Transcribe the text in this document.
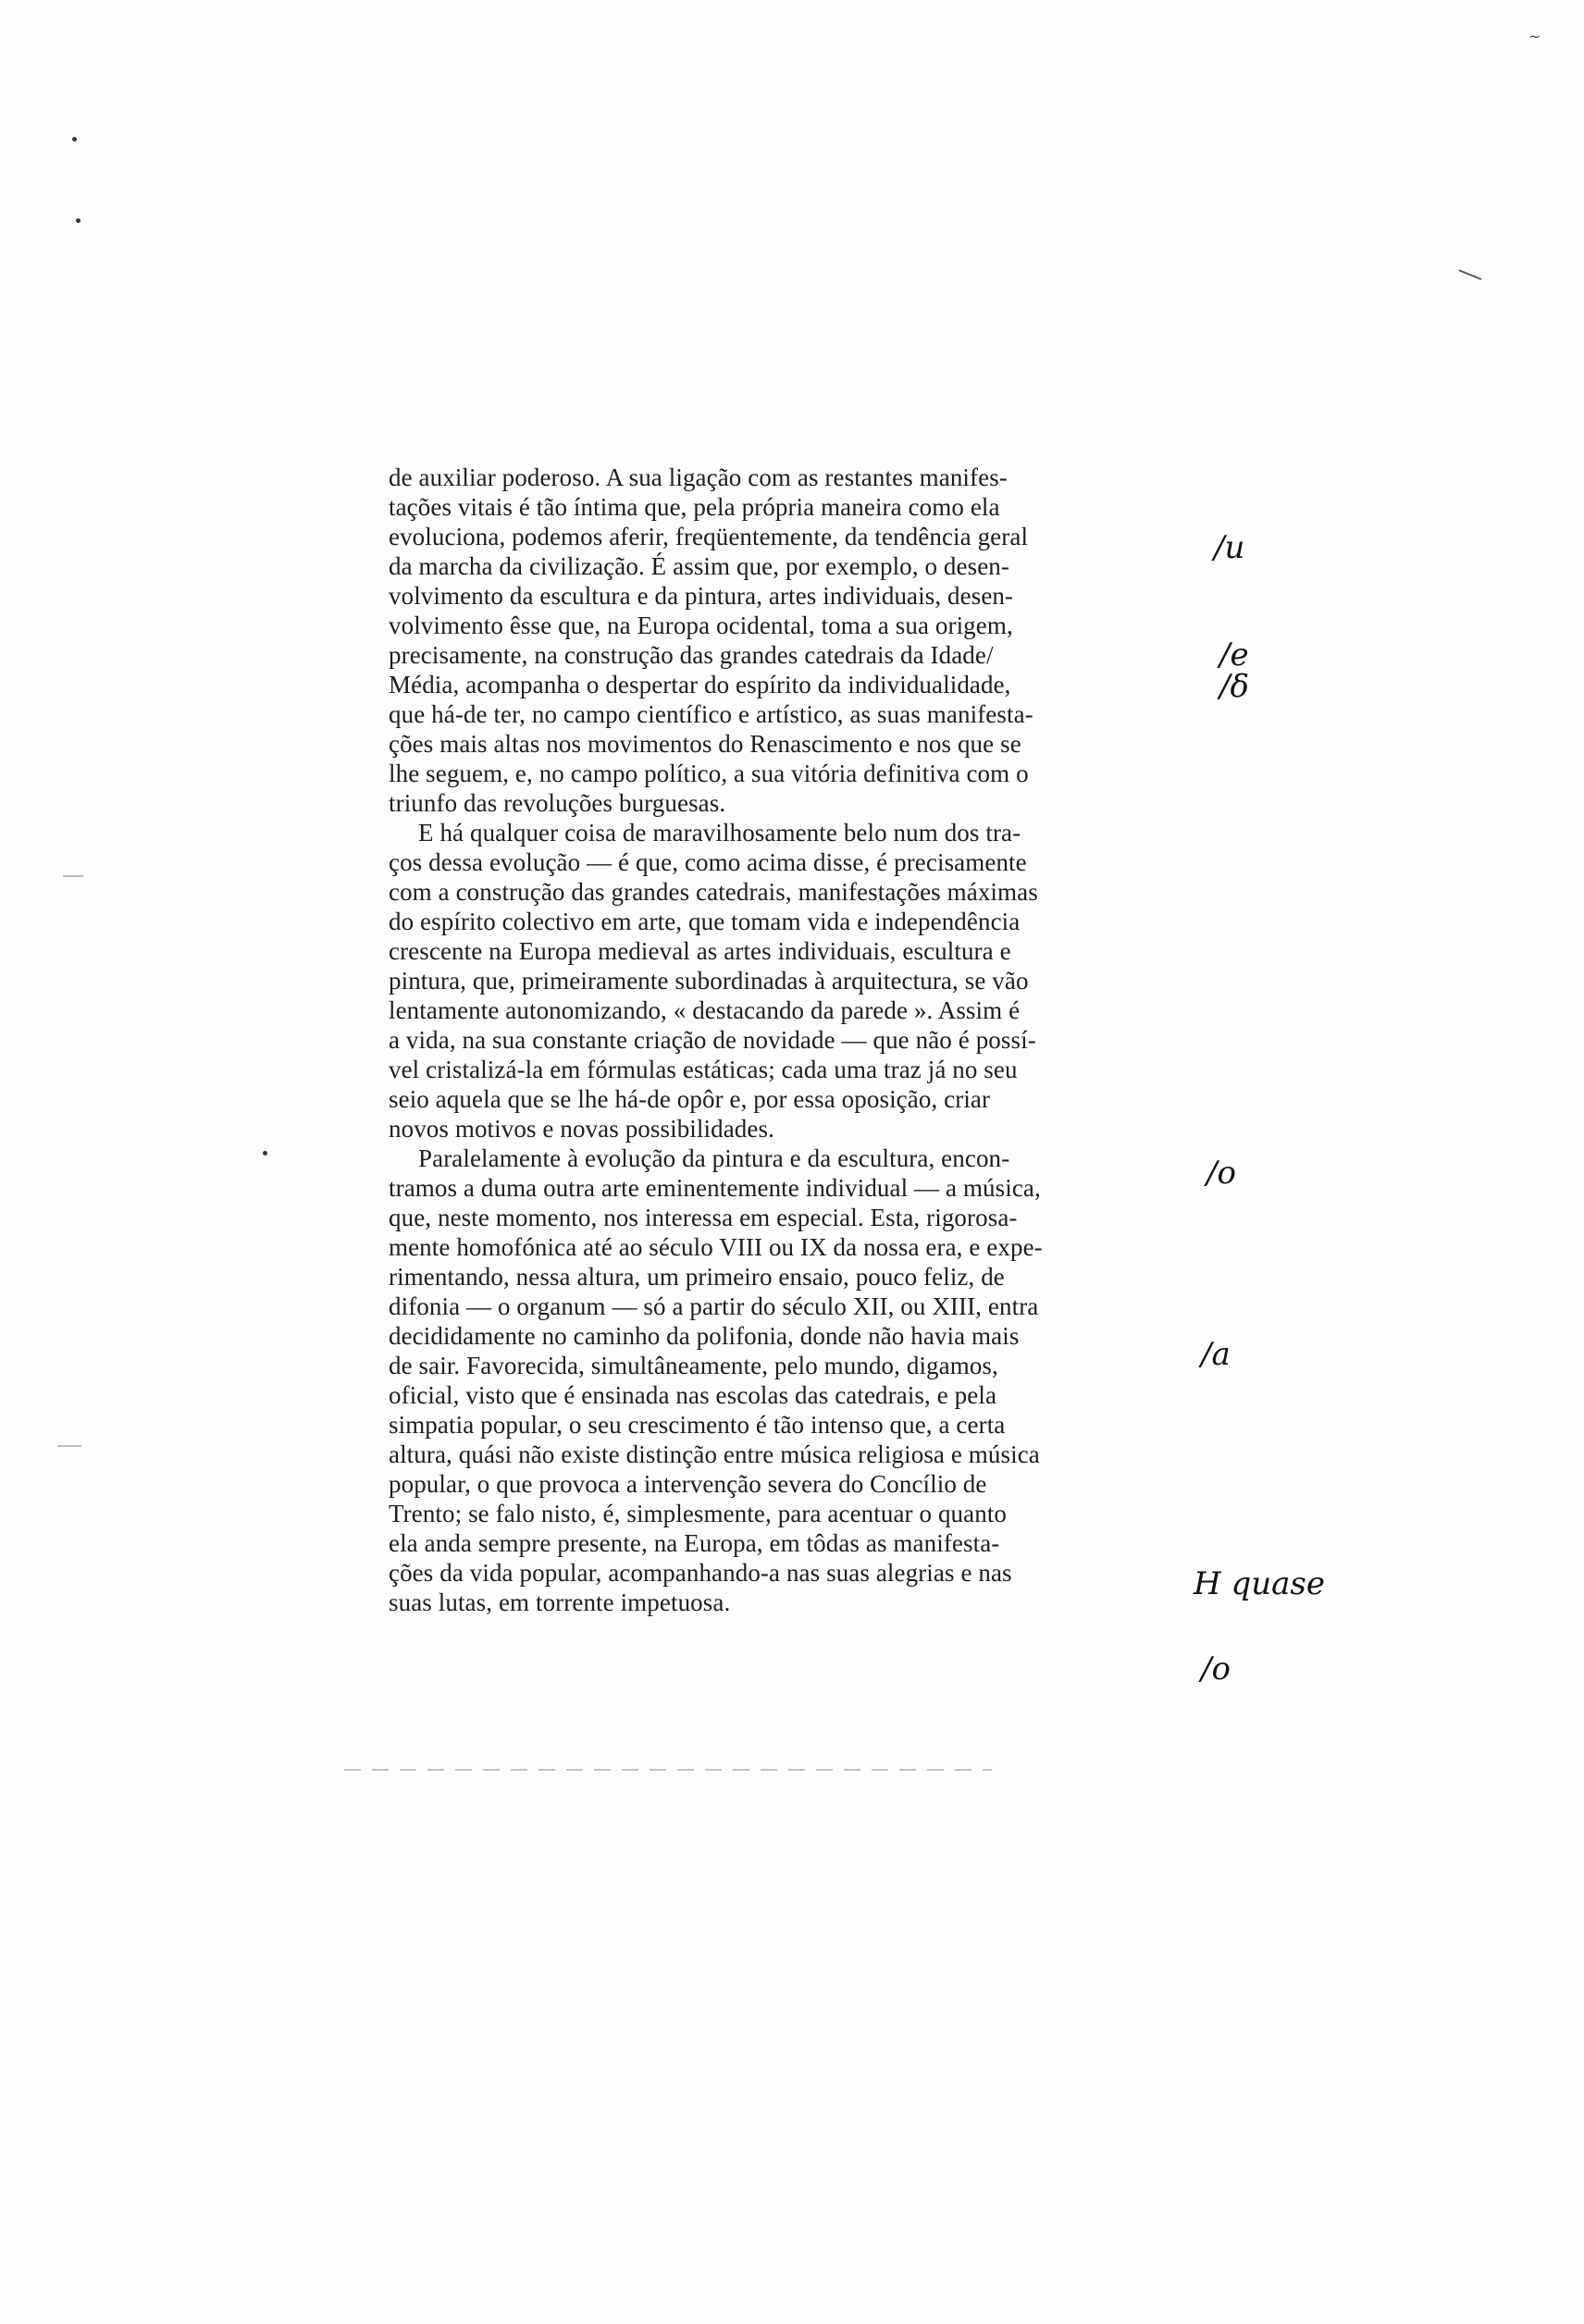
~
de auxiliar poderoso. A sua ligação com as restantes manifes-
tações vitais é tão íntima que, pela própria maneira como ela
evoluciona, podemos aferir, freqüentemente, da tendência geral
da marcha da civilização. É assim que, por exemplo, o desen-
volvimento da escultura e da pintura, artes individuais, desen-
volvimento êsse que, na Europa ocidental, toma a sua origem,
precisamente, na construção das grandes catedrais da Idade/
Média, acompanha o despertar do espírito da individualidade,
que há-de ter, no campo científico e artístico, as suas manifesta-
ções mais altas nos movimentos do Renascimento e nos que se
lhe seguem, e, no campo político, a sua vitória definitiva com o
triunfo das revoluções burguesas.
E há qualquer coisa de maravilhosamente belo num dos tra-
ços dessa evolução — é que, como acima disse, é precisamente
com a construção das grandes catedrais, manifestações máximas
do espírito colectivo em arte, que tomam vida e independência
crescente na Europa medieval as artes individuais, escultura e
pintura, que, primeiramente subordinadas à arquitectura, se vão
lentamente autonomizando, « destacando da parede ». Assim é
a vida, na sua constante criação de novidade — que não é possí-
vel cristalizá-la em fórmulas estáticas; cada uma traz já no seu
seio aquela que se lhe há-de opôr e, por essa oposição, criar
novos motivos e novas possibilidades.
Paralelamente à evolução da pintura e da escultura, encon-
tramos a duma outra arte eminentemente individual — a música,
que, neste momento, nos interessa em especial. Esta, rigorosa-
mente homofónica até ao século VIII ou IX da nossa era, e expe-
rimentando, nessa altura, um primeiro ensaio, pouco feliz, de
difonia — o organum — só a partir do século XII, ou XIII, entra
decididamente no caminho da polifonia, donde não havia mais
de sair. Favorecida, simultâneamente, pelo mundo, digamos,
oficial, visto que é ensinada nas escolas das catedrais, e pela
simpatia popular, o seu crescimento é tão intenso que, a certa
altura, quási não existe distinção entre música religiosa e música
popular, o que provoca a intervenção severa do Concílio de
Trento; se falo nisto, é, simplesmente, para acentuar o quanto
ela anda sempre presente, na Europa, em tôdas as manifesta-
ções da vida popular, acompanhando-a nas suas alegrias e nas
suas lutas, em torrente impetuosa.
/u
/e
/δ
/o
/a
H quase
/o
